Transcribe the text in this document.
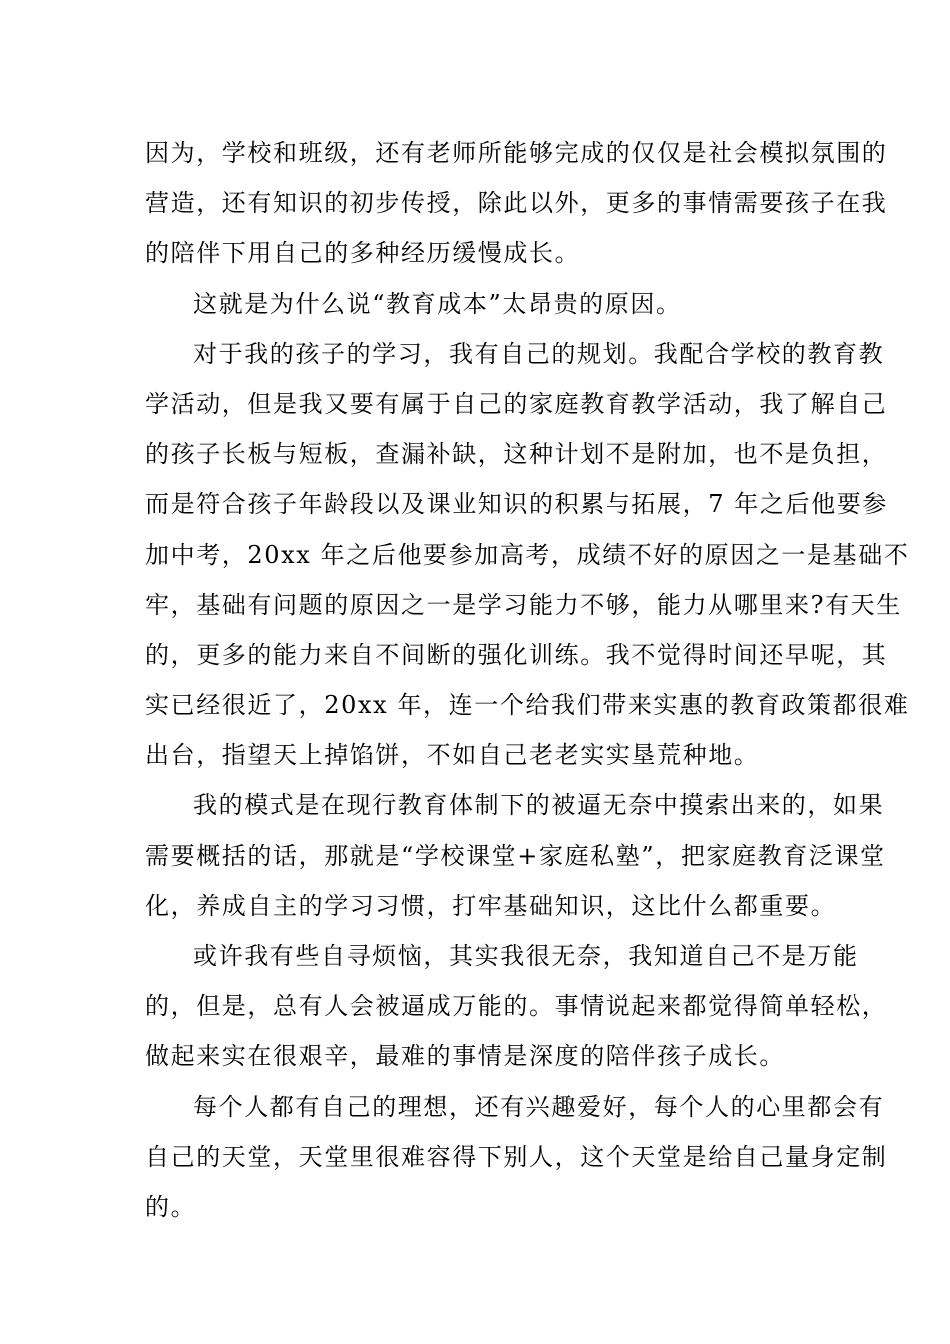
因为，学校和班级，还有老师所能够完成的仅仅是社会模拟氛围的
营造，还有知识的初步传授，除此以外，更多的事情需要孩子在我
的陪伴下用自己的多种经历缓慢成长。
这就是为什么说“教育成本”太昂贵的原因。
对于我的孩子的学习，我有自己的规划。我配合学校的教育教
学活动，但是我又要有属于自己的家庭教育教学活动，我了解自己
的孩子长板与短板，查漏补缺，这种计划不是附加，也不是负担，
而是符合孩子年龄段以及课业知识的积累与拓展，7 年之后他要参
加中考，20xx 年之后他要参加高考，成绩不好的原因之一是基础不
牢，基础有问题的原因之一是学习能力不够，能力从哪里来?有天生
的，更多的能力来自不间断的强化训练。我不觉得时间还早呢，其
实已经很近了，20xx 年，连一个给我们带来实惠的教育政策都很难
出台，指望天上掉馅饼，不如自己老老实实垦荒种地。
我的模式是在现行教育体制下的被逼无奈中摸索出来的，如果
需要概括的话，那就是“学校课堂+家庭私塾”，把家庭教育泛课堂
化，养成自主的学习习惯，打牢基础知识，这比什么都重要。
或许我有些自寻烦恼，其实我很无奈，我知道自己不是万能
的，但是，总有人会被逼成万能的。事情说起来都觉得简单轻松，
做起来实在很艰辛，最难的事情是深度的陪伴孩子成长。
每个人都有自己的理想，还有兴趣爱好，每个人的心里都会有
自己的天堂，天堂里很难容得下别人，这个天堂是给自己量身定制
的。
